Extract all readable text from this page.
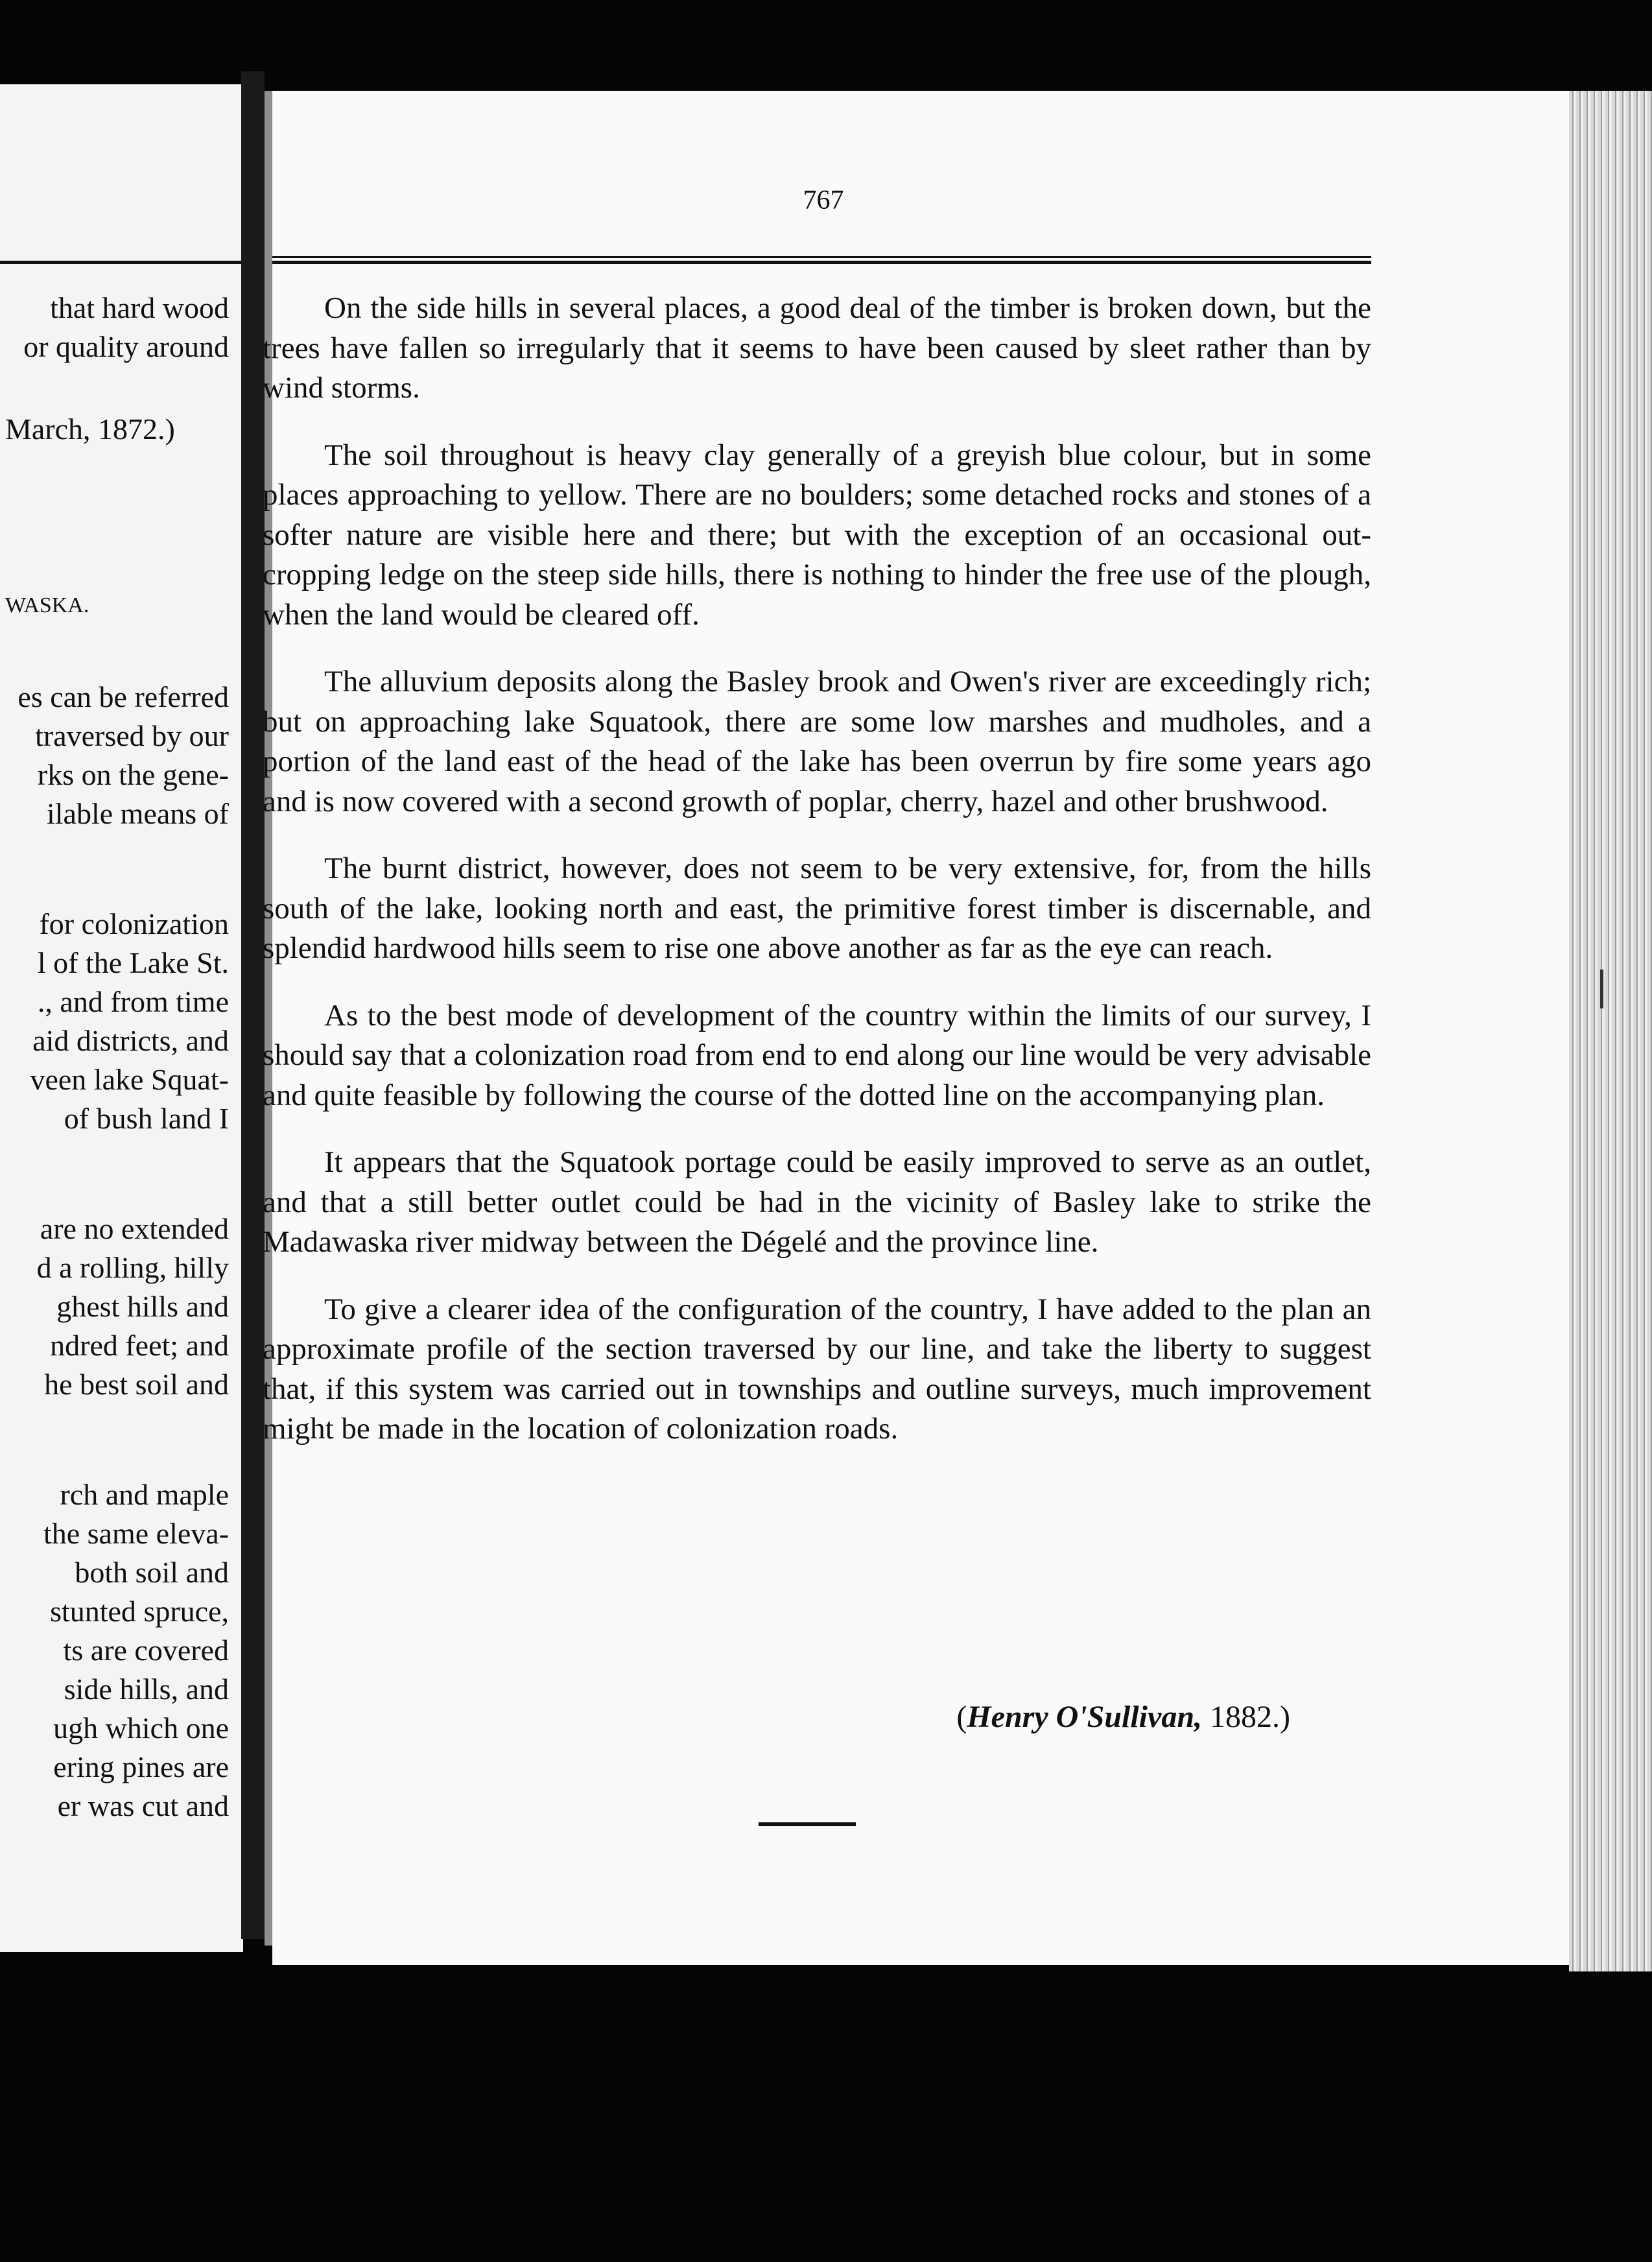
that hard wood
or quality around
March, 1872.)
WASKA.
es can be referred
traversed by our
rks on the gene-
ilable means of
for colonization
l of the Lake St.
., and from time
aid districts, and
veen lake Squat-
of bush land I
are no extended
d a rolling, hilly
ghest hills and
ndred feet; and
he best soil and
rch and maple
the same eleva-
both soil and
stunted spruce,
ts are covered
side hills, and
ugh which one
ering pines are
er was cut and
767

On the side hills in several places, a good deal of the timber is broken down, but the trees have fallen so irregularly that it seems to have been caused by sleet rather than by wind storms.

The soil throughout is heavy clay generally of a greyish blue colour, but in some places approaching to yellow. There are no boulders; some detached rocks and stones of a softer nature are visible here and there; but with the exception of an occasional out-cropping ledge on the steep side hills, there is nothing to hinder the free use of the plough, when the land would be cleared off.

The alluvium deposits along the Basley brook and Owen's river are exceedingly rich; but on approaching lake Squatook, there are some low marshes and mudholes, and a portion of the land east of the head of the lake has been overrun by fire some years ago and is now covered with a second growth of poplar, cherry, hazel and other brushwood.

The burnt district, however, does not seem to be very extensive, for, from the hills south of the lake, looking north and east, the primitive forest timber is discernable, and splendid hardwood hills seem to rise one above another as far as the eye can reach.

As to the best mode of development of the country within the limits of our survey, I should say that a colonization road from end to end along our line would be very advisable and quite feasible by following the course of the dotted line on the accompanying plan.

It appears that the Squatook portage could be easily improved to serve as an outlet, and that a still better outlet could be had in the vicinity of Basley lake to strike the Madawaska river midway between the Dégelé and the province line.

To give a clearer idea of the configuration of the country, I have added to the plan an approximate profile of the section traversed by our line, and take the liberty to suggest that, if this system was carried out in townships and outline surveys, much improvement might be made in the location of colonization roads.

(Henry O'Sullivan, 1882.)
